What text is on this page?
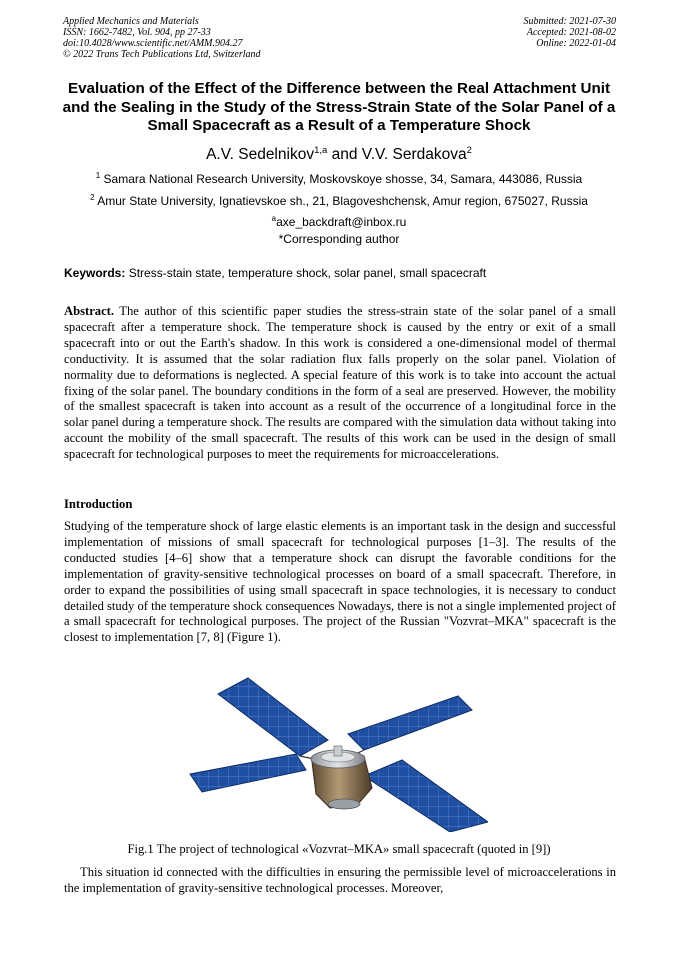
Applied Mechanics and Materials
ISSN: 1662-7482, Vol. 904, pp 27-33
doi:10.4028/www.scientific.net/AMM.904.27
© 2022 Trans Tech Publications Ltd, Switzerland
Submitted: 2021-07-30
Accepted: 2021-08-02
Online: 2022-01-04
Evaluation of the Effect of the Difference between the Real Attachment Unit and the Sealing in the Study of the Stress-Strain State of the Solar Panel of a Small Spacecraft as a Result of a Temperature Shock
A.V. Sedelnikov$^{1,a}$ and V.V. Serdakova$^2$
$^1$ Samara National Research University, Moskovskoye shosse, 34, Samara, 443086, Russia
$^2$ Amur State University, Ignatievskoe sh., 21, Blagoveshchensk, Amur region, 675027, Russia
$^a$axe_backdraft@inbox.ru
*Corresponding author
Keywords: Stress-stain state, temperature shock, solar panel, small spacecraft
Abstract. The author of this scientific paper studies the stress-strain state of the solar panel of a small spacecraft after a temperature shock. The temperature shock is caused by the entry or exit of a small spacecraft into or out the Earth's shadow. In this work is considered a one-dimensional model of thermal conductivity. It is assumed that the solar radiation flux falls properly on the solar panel. Violation of normality due to deformations is neglected. A special feature of this work is to take into account the actual fixing of the solar panel. The boundary conditions in the form of a seal are preserved. However, the mobility of the smallest spacecraft is taken into account as a result of the occurrence of a longitudinal force in the solar panel during a temperature shock. The results are compared with the simulation data without taking into account the mobility of the small spacecraft. The results of this work can be used in the design of small spacecraft for technological purposes to meet the requirements for microaccelerations.
Introduction
Studying of the temperature shock of large elastic elements is an important task in the design and successful implementation of missions of small spacecraft for technological purposes [1–3]. The results of the conducted studies [4–6] show that a temperature shock can disrupt the favorable conditions for the implementation of gravity-sensitive technological processes on board of a small spacecraft. Therefore, in order to expand the possibilities of using small spacecraft in space technologies, it is necessary to conduct detailed study of the temperature shock consequences Nowadays, there is not a single implemented project of a small spacecraft for technological purposes. The project of the Russian "Vozvrat–MKA" spacecraft is the closest to implementation [7, 8] (Figure 1).
Fig.1 The project of technological «Vozvrat–MKA» small spacecraft (quoted in [9])
This situation id connected with the difficulties in ensuring the permissible level of microaccelerations in the implementation of gravity-sensitive technological processes. Moreover,
